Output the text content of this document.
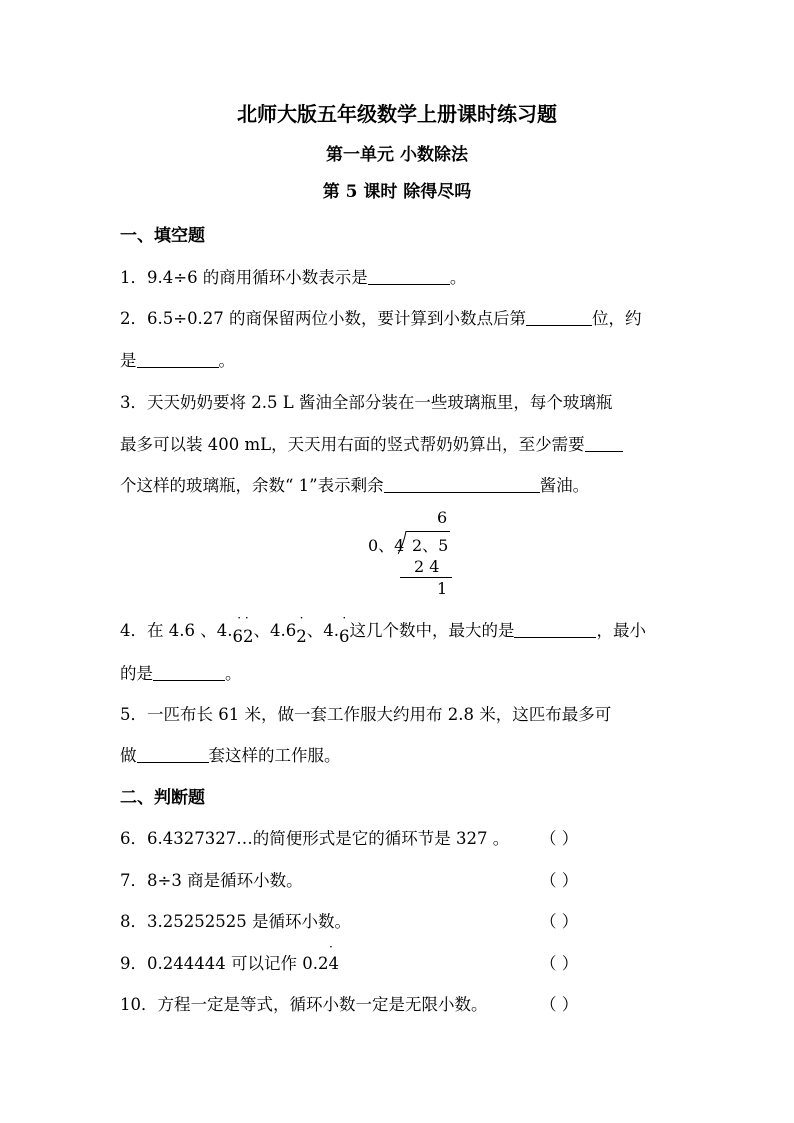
北师大版五年级数学上册课时练习题
第一单元 小数除法
第 5 课时 除得尽吗
一、填空题
1．9.4÷6 的商用循环小数表示是	。
2．6.5÷0.27 的商保留两位小数，要计算到小数点后第	位，约
是	。
3．天天奶奶要将 2.5 L 酱油全部分装在一些玻璃瓶里，每个玻璃瓶
最多可以装 400 mL，天天用右面的竖式帮奶奶算出，至少需要
个这样的玻璃瓶，余数“ 1”表示剩余	酱油。
6
0、4 2、5
2 4
1
4．在 4.6 、4.62
· ·
、4.62
·
、4.6
·
这几个数中，最大的是	，最小
的是	。
5．一匹布长 61 米，做一套工作服大约用布 2.8 米，这匹布最多可
做	套这样的工作服。
二、判断题
6．6.4327327…的简便形式是它的循环节是 327 。 （ ）
7．8÷3 商是循环小数。	（ ）
8．3.25252525 是循环小数。	（ ）
9．0.244444 可以记作 0.24
·
（ ）
10．方程一定是等式，循环小数一定是无限小数。	（ ）
